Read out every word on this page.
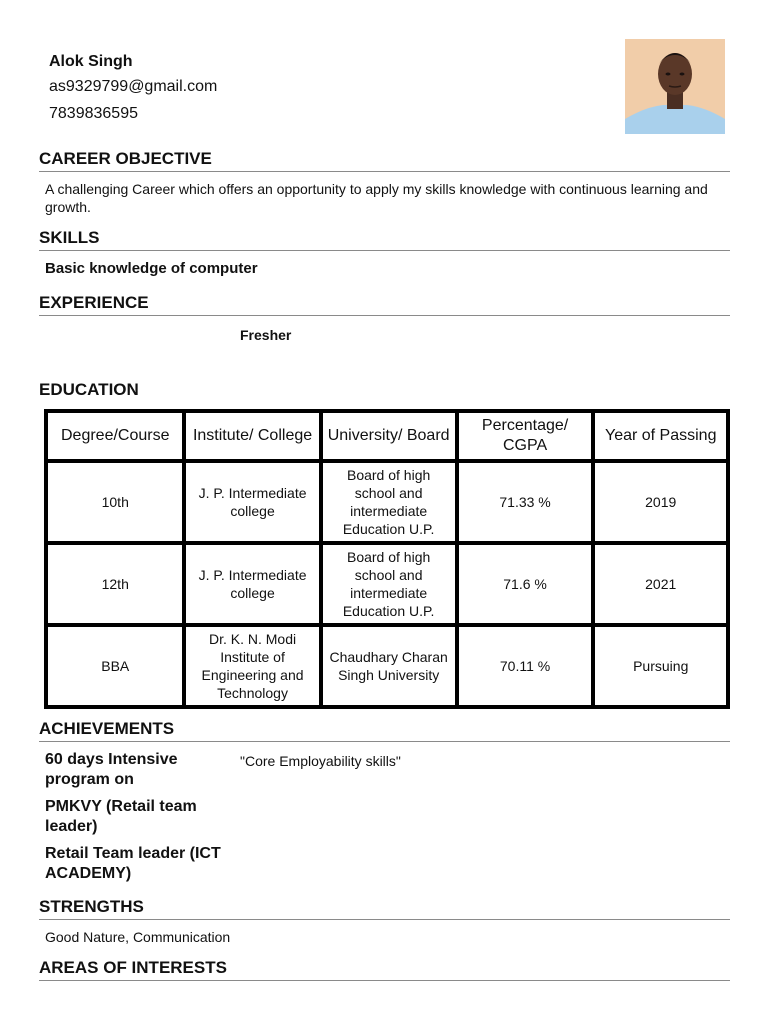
Alok Singh
as9329799@gmail.com
7839836595
CAREER OBJECTIVE
A challenging Career which offers an opportunity to apply my skills knowledge with continuous learning and growth.
SKILLS
Basic knowledge of computer
EXPERIENCE
Fresher
EDUCATION
Degree/Course	Institute/ College	University/ Board	Percentage/ CGPA	Year of Passing
10th	J. P. Intermediate college	Board of high school and intermediate Education U.P.	71.33 %	2019
12th	J. P. Intermediate college	Board of high school and intermediate Education U.P.	71.6 %	2021
BBA	Dr. K. N. Modi Institute of Engineering and Technology	Chaudhary Charan Singh University	70.11 %	Pursuing
ACHIEVEMENTS
60 days Intensive program on
PMKVY (Retail team leader)
Retail Team leader (ICT ACADEMY)
"Core Employability skills"
STRENGTHS
Good Nature, Communication
AREAS OF INTERESTS
